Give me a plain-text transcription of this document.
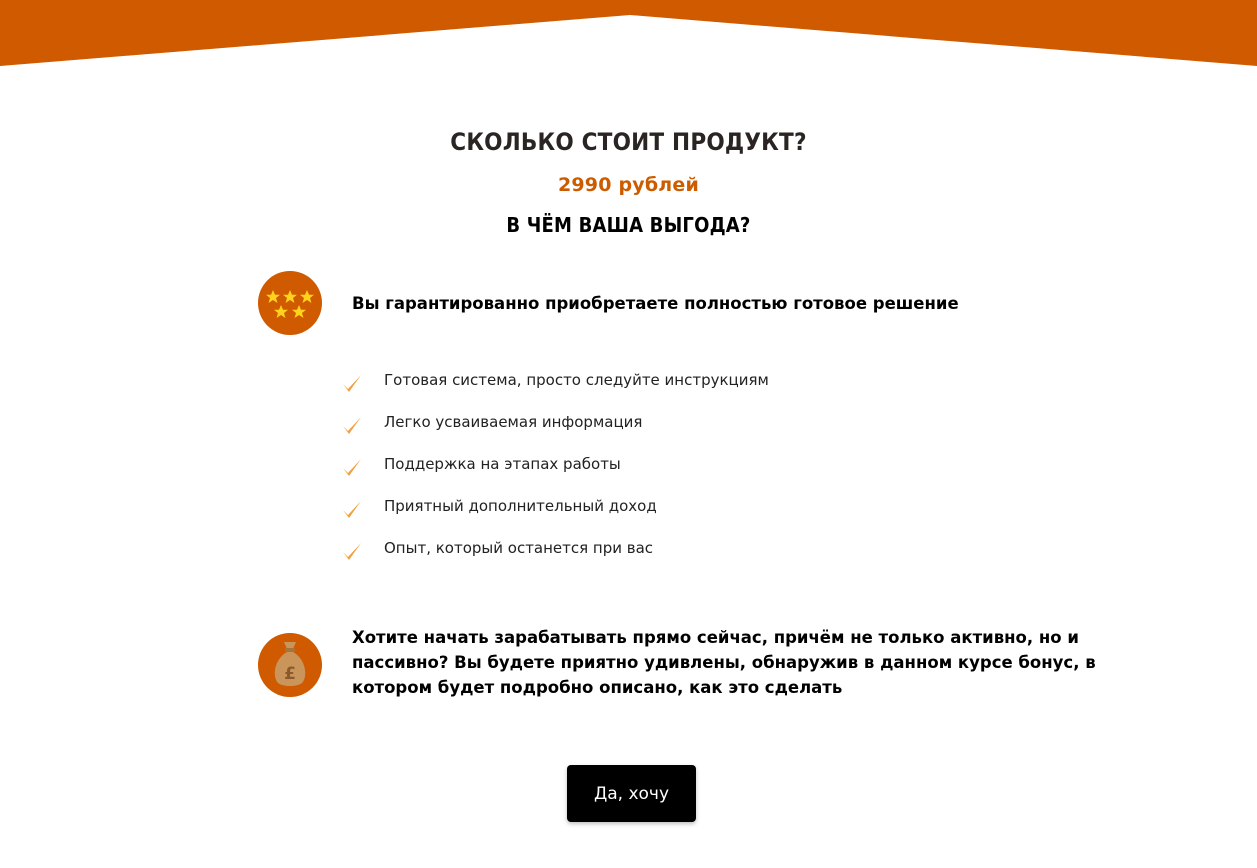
СКОЛЬКО СТОИТ ПРОДУКТ?
2990 рублей
В ЧЁМ ВАША ВЫГОДА?
Вы гарантированно приобретаете полностью готовое решение
Готовая система, просто следуйте инструкциям
Легко усваиваемая информация
Поддержка на этапах работы
Приятный дополнительный доход
Опыт, который останется при вас
£
Хотите начать зарабатывать прямо сейчас, причём не только активно, но и пассивно? Вы будете приятно удивлены, обнаружив в данном курсе бонус, в котором будет подробно описано, как это сделать
Да, хочу
